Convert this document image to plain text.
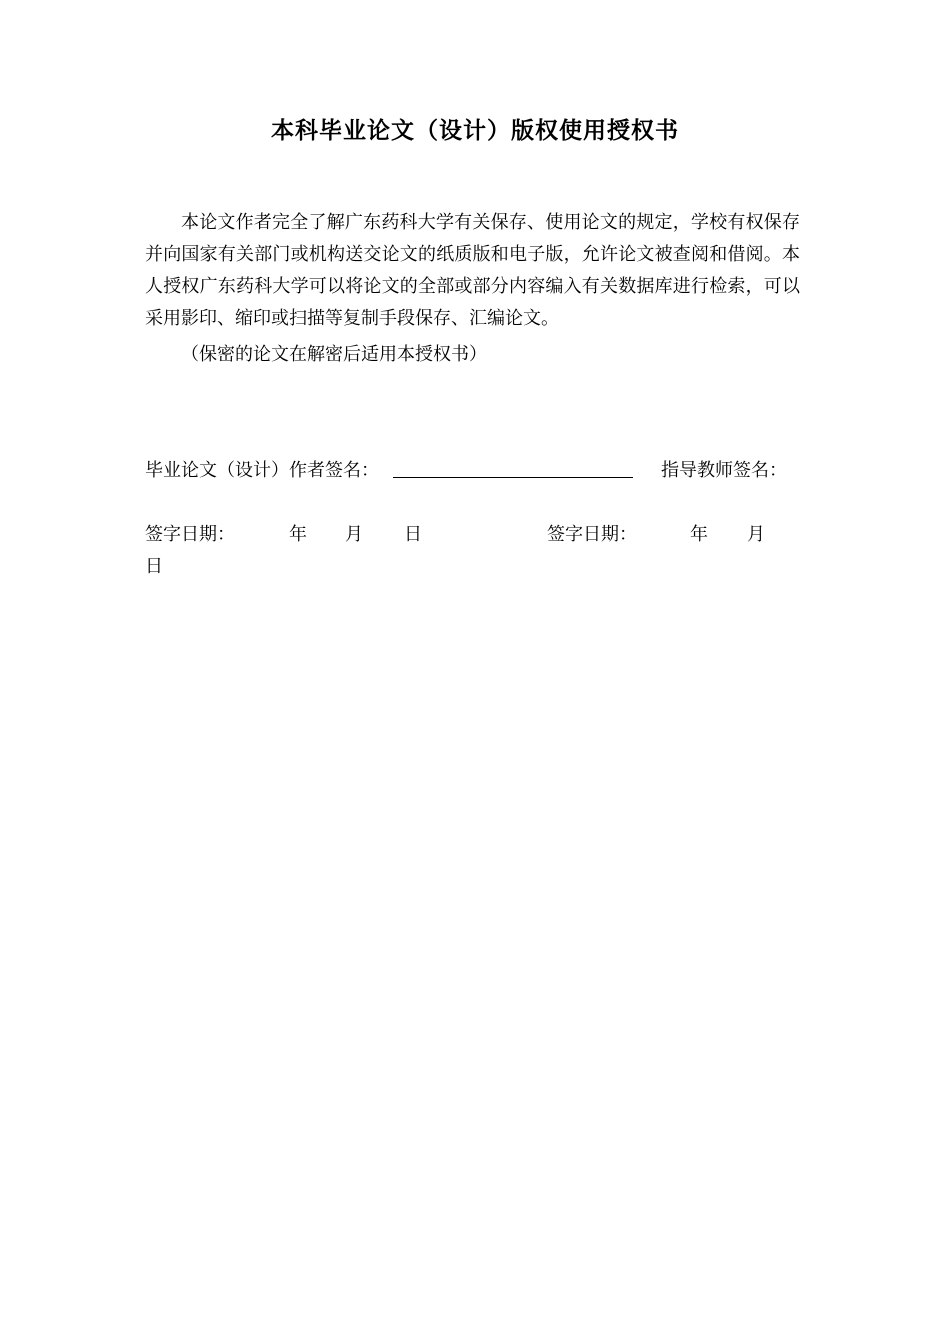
本科毕业论文（设计）版权使用授权书
本论文作者完全了解广东药科大学有关保存、使用论文的规定，学校有权保存并向国家有关部门或机构送交论文的纸质版和电子版，允许论文被查阅和借阅。本人授权广东药科大学可以将论文的全部或部分内容编入有关数据库进行检索，可以采用影印、缩印或扫描等复制手段保存、汇编论文。
（保密的论文在解密后适用本授权书）
毕业论文（设计）作者签名：	指导教师签名：
签字日期：	年 月 日	签字日期：	年 月
日
